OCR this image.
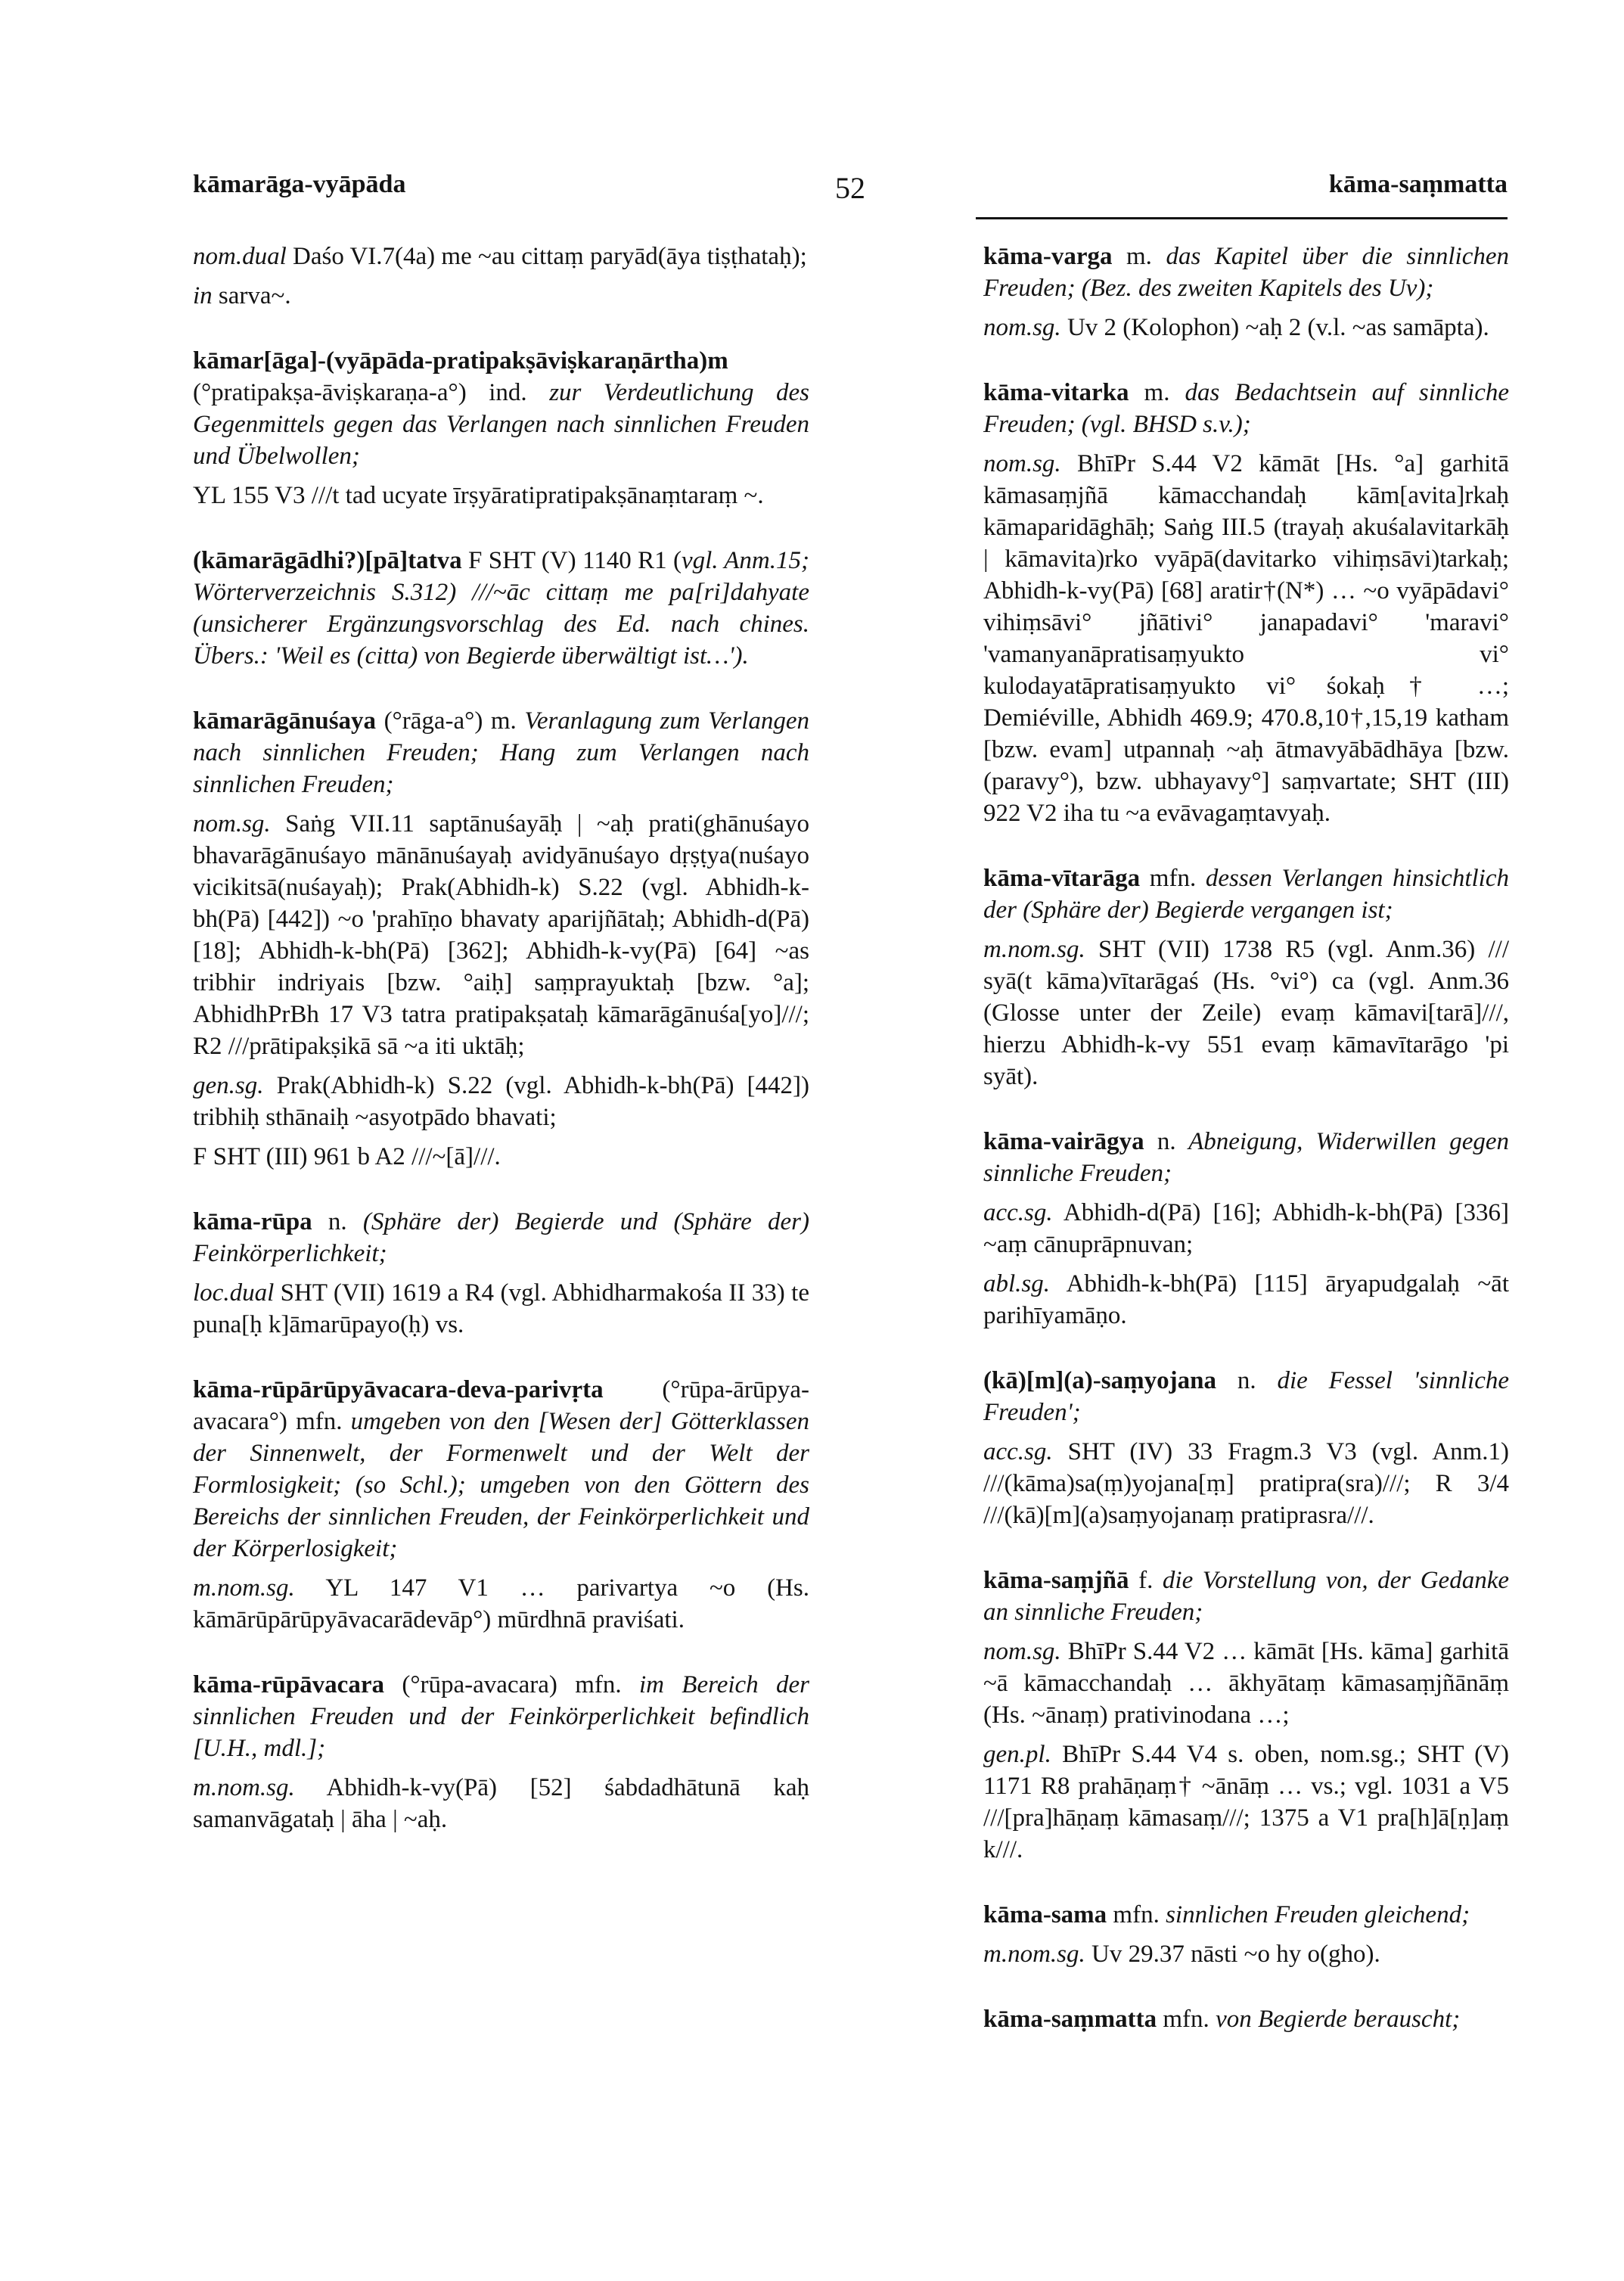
kāmarāga-vyāpāda	52	kāma-saṃmatta

nom.dual Daśo VI.7(4a) me ~au cittaṃ paryād(āya tiṣṭhataḥ);

in sarva~.

kāmar[āga]-(vyāpāda-pratipakṣāviṣkaraṇārtha)m (°pratipakṣa-āviṣkaraṇa-a°) ind. zur Verdeutlichung des Gegenmittels gegen das Verlangen nach sinnlichen Freuden und Übelwollen;

YL 155 V3 ///t tad ucyate īrṣyāratipratipakṣānaṃtaraṃ ~.

(kāmarāgādhi?)[pā]tatva F SHT (V) 1140 R1 (vgl. Anm.15; Wörterverzeichnis S.312) ///~āc cittaṃ me pa[ri]dahyate (unsicherer Ergänzungsvorschlag des Ed. nach chines. Übers.: 'Weil es (citta) von Begierde überwältigt ist…').

kāmarāgānuśaya (°rāga-a°) m. Veranlagung zum Verlangen nach sinnlichen Freuden; Hang zum Verlangen nach sinnlichen Freuden;

nom.sg. Saṅg VII.11 saptānuśayāḥ | ~aḥ prati(ghānuśayo bhavarāgānuśayo mānānuśayaḥ avidyānuśayo dṛṣṭya(nuśayo vicikitsā(nuśayaḥ); Prak(Abhidh-k) S.22 (vgl. Abhidh-k-bh(Pā) [442]) ~o 'prahīṇo bhavaty aparijñātaḥ; Abhidh-d(Pā) [18]; Abhidh-k-bh(Pā) [362]; Abhidh-k-vy(Pā) [64] ~as tribhir indriyais [bzw. °aiḥ] saṃprayuktaḥ [bzw. °a]; AbhidhPrBh 17 V3 tatra pratipakṣataḥ kāmarāgānuśa[yo]///; R2 ///prātipakṣikā sā ~a iti uktāḥ;

gen.sg. Prak(Abhidh-k) S.22 (vgl. Abhidh-k-bh(Pā) [442]) tribhiḥ sthānaiḥ ~asyotpādo bhavati;

F SHT (III) 961 b A2 ///~[ā]///.

kāma-rūpa n. (Sphäre der) Begierde und (Sphäre der) Feinkörperlichkeit;

loc.dual SHT (VII) 1619 a R4 (vgl. Abhidharmakośa II 33) te puna[ḥ k]āmarūpayo(ḥ) vs.

kāma-rūpārūpyāvacara-deva-parivṛta (°rūpa-ārūpya-avacara°) mfn. umgeben von den [Wesen der] Götterklassen der Sinnenwelt, der Formenwelt und der Welt der Formlosigkeit; (so Schl.); umgeben von den Göttern des Bereichs der sinnlichen Freuden, der Feinkörperlichkeit und der Körperlosigkeit;

m.nom.sg. YL 147 V1 … parivartya ~o (Hs. kāmārūpārūpyāvacarādevāp°) mūrdhnā praviśati.

kāma-rūpāvacara (°rūpa-avacara) mfn. im Bereich der sinnlichen Freuden und der Feinkörperlichkeit befindlich [U.H., mdl.];

m.nom.sg. Abhidh-k-vy(Pā) [52] śabdadhātunā kaḥ samanvāgataḥ | āha | ~aḥ.

kāma-varga m. das Kapitel über die sinnlichen Freuden; (Bez. des zweiten Kapitels des Uv);

nom.sg. Uv 2 (Kolophon) ~aḥ 2 (v.l. ~as samāpta).

kāma-vitarka m. das Bedachtsein auf sinnliche Freuden; (vgl. BHSD s.v.);

nom.sg. BhīPr S.44 V2 kāmāt [Hs. °a] garhitā kāmasaṃjñā kāmacchandaḥ kām[avita]rkaḥ kāmaparidāghāḥ; Saṅg III.5 (trayaḥ akuśalavitarkāḥ | kāmavita)rko vyāpā(davitarko vihiṃsāvi)tarkaḥ; Abhidh-k-vy(Pā) [68] aratir†(N*) … ~o vyāpādavi° vihiṃsāvi° jñātivi° janapadavi° 'maravi° 'vamanyanāpratisaṃyukto vi° kulodayatāpratisaṃyukto vi° śokaḥ† …; Demiéville, Abhidh 469.9; 470.8,10†,15,19 katham [bzw. evam] utpannaḥ ~aḥ ātmavyābādhāya [bzw. (paravy°), bzw. ubhayavy°] saṃvartate; SHT (III) 922 V2 iha tu ~a evāvagaṃtavyaḥ.

kāma-vītarāga mfn. dessen Verlangen hinsichtlich der (Sphäre der) Begierde vergangen ist;

m.nom.sg. SHT (VII) 1738 R5 (vgl. Anm.36) /// syā(t kāma)vītarāgaś (Hs. °vi°) ca (vgl. Anm.36 (Glosse unter der Zeile) evaṃ kāmavi[tarā]///, hierzu Abhidh-k-vy 551 evaṃ kāmavītarāgo 'pi syāt).

kāma-vairāgya n. Abneigung, Widerwillen gegen sinnliche Freuden;

acc.sg. Abhidh-d(Pā) [16]; Abhidh-k-bh(Pā) [336] ~aṃ cānuprāpnuvan;

abl.sg. Abhidh-k-bh(Pā) [115] āryapudgalaḥ ~āt parihīyamāṇo.

(kā)[m](a)-saṃyojana n. die Fessel 'sinnliche Freuden';

acc.sg. SHT (IV) 33 Fragm.3 V3 (vgl. Anm.1) ///(kāma)sa(ṃ)yojana[ṃ] pratipra(sra)///; R 3/4 ///(kā)[m](a)saṃyojanaṃ pratiprasra///.

kāma-saṃjñā f. die Vorstellung von, der Gedanke an sinnliche Freuden;

nom.sg. BhīPr S.44 V2 … kāmāt [Hs. kāma] garhitā ~ā kāmacchandaḥ … ākhyātaṃ kāmasaṃjñānāṃ (Hs. ~ānaṃ) prativinodana …;

gen.pl. BhīPr S.44 V4 s. oben, nom.sg.; SHT (V) 1171 R8 prahāṇaṃ† ~ānāṃ … vs.; vgl. 1031 a V5 ///[pra]hāṇaṃ kāmasaṃ///; 1375 a V1 pra[h]ā[ṇ]aṃ k///.

kāma-sama mfn. sinnlichen Freuden gleichend;

m.nom.sg. Uv 29.37 nāsti ~o hy o(gho).

kāma-saṃmatta mfn. von Begierde berauscht;
